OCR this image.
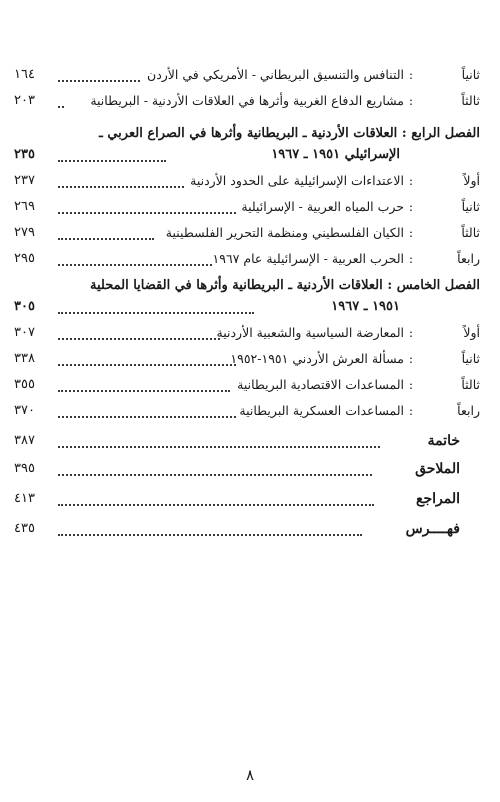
١٦٤	ثانياً:التنافس والتنسيق البريطاني - الأمريكي في الأردن
٢٠٣	ثالثاً:مشاريع الدفاع الغربية وأثرها في العلاقات الأردنية - البريطانية
الفصل الرابع:العلاقات الأردنية ـ البريطانية وأثرها في الصراع العربي ـ
٢٣٥	الإسرائيلي ١٩٥١ ـ ١٩٦٧
٢٣٧	أولاً:الاعتداءات الإسرائيلية على الحدود الأردنية
٢٦٩	ثانياً:حرب المياه العربية - الإسرائيلية
٢٧٩	ثالثاً:الكيان الفلسطيني ومنظمة التحرير الفلسطينية
٢٩٥	رابعاً:الحرب العربية - الإسرائيلية عام ١٩٦٧
الفصل الخامس:العلاقات الأردنية ـ البريطانية وأثرها في القضايا المحلية
٣٠٥	١٩٥١ ـ ١٩٦٧
٣٠٧	أولاً:المعارضة السياسية والشعبية الأردنية
٣٣٨	ثانياً:مسألة العرش الأردني ١٩٥١-١٩٥٢
٣٥٥	ثالثاً:المساعدات الاقتصادية البريطانية
٣٧٠	رابعاً:المساعدات العسكرية البريطانية
٣٨٧	خاتمة
٣٩٥	الملاحق
٤١٣	المراجع
٤٣٥	فهــــرس
٨
